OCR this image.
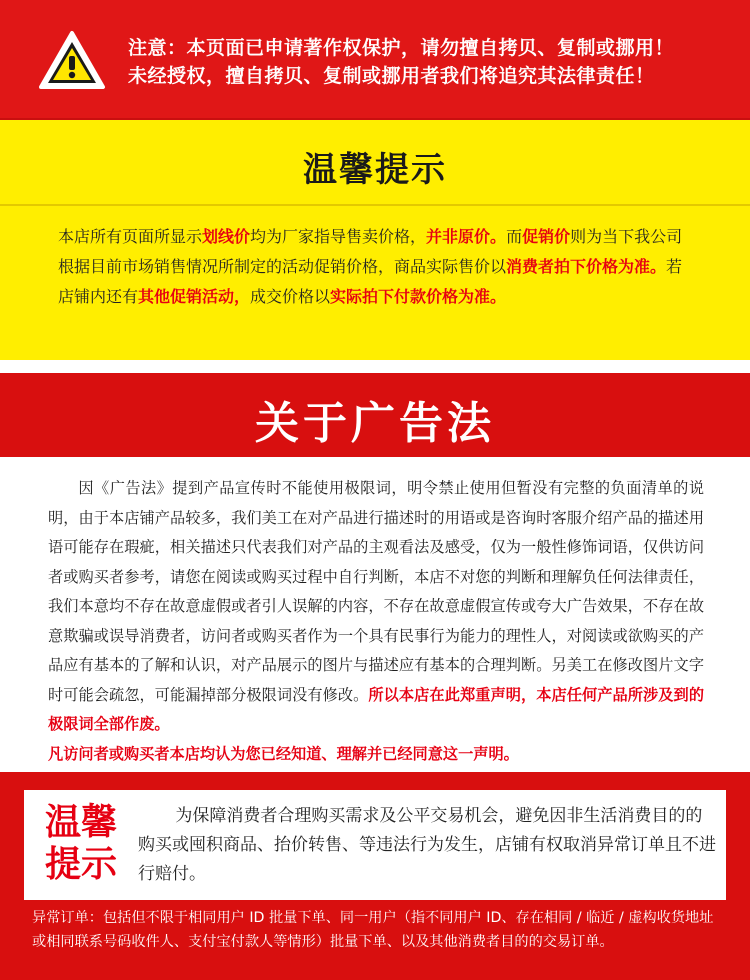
注意：本页面已申请著作权保护，请勿擅自拷贝、复制或挪用！
未经授权，擅自拷贝、复制或挪用者我们将追究其法律责任！
温馨提示
本店所有页面所显示划线价均为厂家指导售卖价格，并非原价。而促销价则为当下我公司根据目前市场销售情况所制定的活动促销价格，商品实际售价以消费者拍下价格为准。若店铺内还有其他促销活动，成交价格以实际拍下付款价格为准。
关于广告法

因《广告法》提到产品宣传时不能使用极限词，明令禁止使用但暂没有完整的负面清单的说明，由于本店铺产品较多，我们美工在对产品进行描述时的用语或是咨询时客服介绍产品的描述用语可能存在瑕疵，相关描述只代表我们对产品的主观看法及感受，仅为一般性修饰词语，仅供访问者或购买者参考，请您在阅读或购买过程中自行判断，本店不对您的判断和理解负任何法律责任，我们本意均不存在故意虚假或者引人误解的内容，不存在故意虚假宣传或夸大广告效果，不存在故意欺骗或误导消费者，访问者或购买者作为一个具有民事行为能力的理性人，对阅读或欲购买的产品应有基本的了解和认识，对产品展示的图片与描述应有基本的合理判断。另美工在修改图片文字时可能会疏忽，可能漏掉部分极限词没有修改。所以本店在此郑重声明，本店任何产品所涉及到的极限词全部作废。

凡访问者或购买者本店均认为您已经知道、理解并已经同意这一声明。
温馨
提示

为保障消费者合理购买需求及公平交易机会，避免因非生活消费目的的购买或囤积商品、抬价转售、等违法行为发生，店铺有权取消异常订单且不进行赔付。

异常订单：包括但不限于相同用户 ID 批量下单、同一用户（指不同用户 ID、存在相同 / 临近 / 虚构收货地址或相同联系号码收件人、支付宝付款人等情形）批量下单、以及其他消费者目的的交易订单。
